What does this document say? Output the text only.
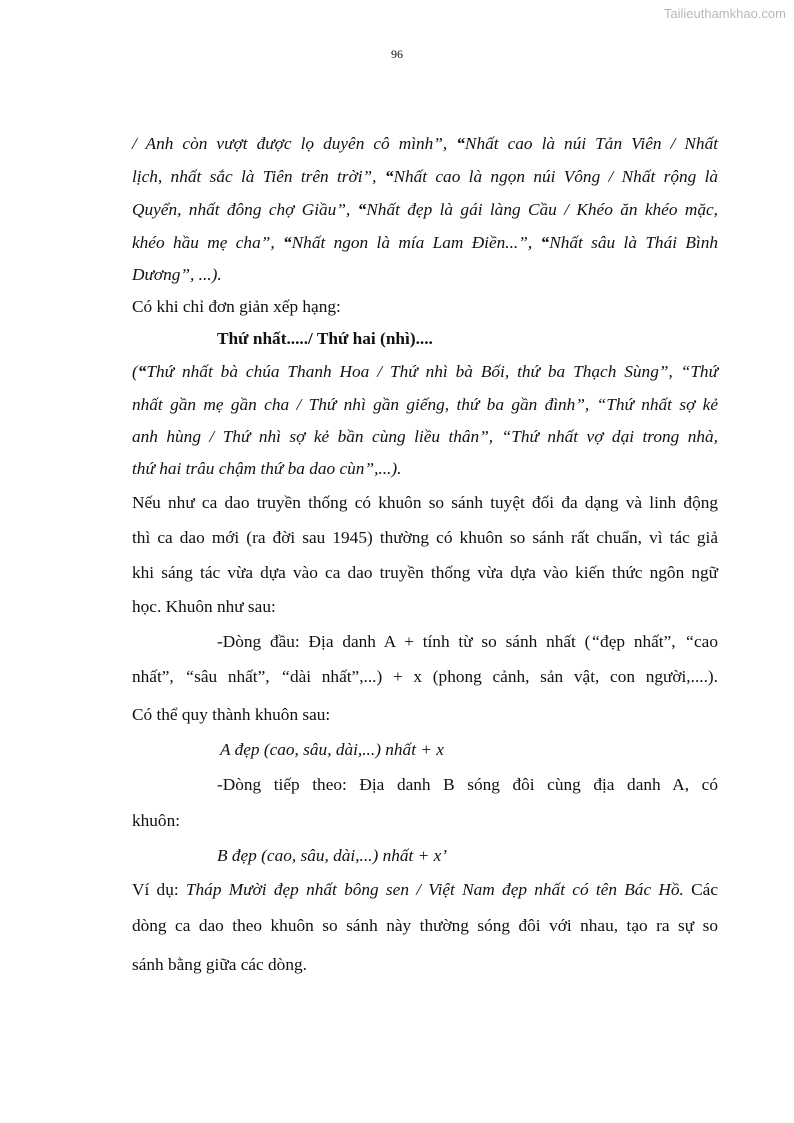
Tailieuthamkhao.com
96
/ Anh còn vượt được lọ duyên cô mình”, “Nhất cao là núi Tản Viên / Nhất
lịch, nhất sắc là Tiên trên trời”, “Nhất cao là ngọn núi Vông / Nhất rộng là
Quyển, nhất đông chợ Giầu”, “Nhất đẹp là gái làng Cầu / Khéo ăn khéo mặc,
khéo hầu mẹ cha”, “Nhất ngon là mía Lam Điền...”, “Nhất sâu là Thái Bình
Dương”, ...).
Có khi chỉ đơn giản xếp hạng:
Thứ nhất...../ Thứ hai (nhì)....
(“Thứ nhất bà chúa Thanh Hoa / Thứ nhì bà Bối, thứ ba Thạch Sùng”, “Thứ
nhất gần mẹ gần cha / Thứ nhì gần giếng, thứ ba gần đình”, “Thứ nhất sợ kẻ
anh hùng / Thứ nhì sợ kẻ bần cùng liều thân”, “Thứ nhất vợ dại trong nhà,
thứ hai trâu chậm thứ ba dao cùn”,...).
Nếu như ca dao truyền thống có khuôn so sánh tuyệt đối đa dạng và linh động
thì ca dao mới (ra đời sau 1945) thường có khuôn so sánh rất chuẩn, vì tác giả
khi sáng tác vừa dựa vào ca dao truyền thống vừa dựa vào kiến thức ngôn ngữ
học. Khuôn như sau:
-Dòng đầu: Địa danh A + tính từ so sánh nhất (“đẹp nhất”, “cao
nhất”, “sâu nhất”, “dài nhất”,...) + x (phong cảnh, sản vật, con người,....).
Có thể quy thành khuôn sau:
A đẹp (cao, sâu, dài,...) nhất + x
-Dòng tiếp theo: Địa danh B sóng đôi cùng địa danh A, có
khuôn:
B đẹp (cao, sâu, dài,...) nhất + x’
Ví dụ: Tháp Mười đẹp nhất bông sen / Việt Nam đẹp nhất có tên Bác Hồ. Các
dòng ca dao theo khuôn so sánh này thường sóng đôi với nhau, tạo ra sự so
sánh bằng giữa các dòng.
